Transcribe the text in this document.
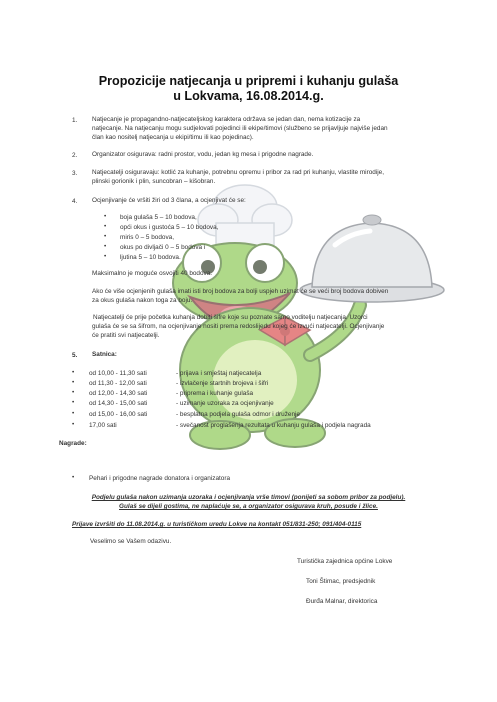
Propozicije natjecanja u pripremi i kuhanju gulaša
u Lokvama, 16.08.2014.g.
1. Natjecanje je propagandno-natjecateljskog karaktera održava se jedan dan, nema kotizacije za
natjecanje. Na natjecanju mogu sudjelovati pojedinci ili ekipe/timovi (službeno se prijavljuje najviše jedan
član kao nositelj natjecanja u ekipi/timu ili kao pojedinac).
2. Organizator osigurava: radni prostor, vodu, jedan kg mesa i prigodne nagrade.
3. Natjecatelji osiguravaju: kotlić za kuhanje, potrebnu opremu i pribor za rad pri kuhanju, vlastite mirodije,
plinski gorionik i plin, suncobran – kišobran.
4. Ocjenjivanje će vršiti žiri od 3 člana, a ocjenjivat će se:
• boja gulaša 5 – 10 bodova,
• opći okus i gustoća 5 – 10 bodova,
• miris 0 – 5 bodova,
• okus po divljači 0 – 5 bodova i
• ljutina 5 – 10 bodova.
Maksimalno je moguće osvojiti 40 bodova.
Ako će više ocjenjenih gulaša imati isti broj bodova za bolji uspjeh uzimat će se veći broj bodova dobiven
za okus gulaša nakon toga za boju.
Natjecatelji će prije početka kuhanja dobiti šifre koje su poznate samo voditelju natjecanja. Uzorci
gulaša će se sa šifrom, na ocjenjivanje nositi prema redoslijedu kojeg će izvući natjecatelji. Ocjenjivanje
će pratiti svi natjecatelji.
5. Satnica:
• od 10,00 - 11,30 sati	- prijava i smještaj natjecatelja
• od 11,30 - 12,00 sati	- izvlačenje startnih brojeva i šifri
• od 12,00 - 14,30 sati	- priprema i kuhanje gulaša
• od 14,30 - 15,00 sati	- uzimanje uzoraka za ocjenjivanje
• od 15,00 - 16,00 sati	- besplatna podjela gulaša odmor i druženje
• 17,00 sati	- svečanost proglašenja rezultata u kuhanju gulaša i podjela nagrada
Nagrade:
• Pehari i prigodne nagrade donatora i organizatora
Podjelu gulaša nakon uzimanja uzoraka i ocjenjivanja vrše timovi (ponijeti sa sobom pribor za podjelu).
Gulaš se dijeli gostima, ne naplaćuje se, a organizator osigurava kruh, posude i žlice.
Prijave izvršiti do 11.08.2014.g. u turističkom uredu Lokve na kontakt 051/831-250; 091/404-0115
Veselimo se Vašem odazivu.
Turistička zajednica općine Lokve
Toni Štimac, predsjednik
Đurđa Malnar, direktorica
